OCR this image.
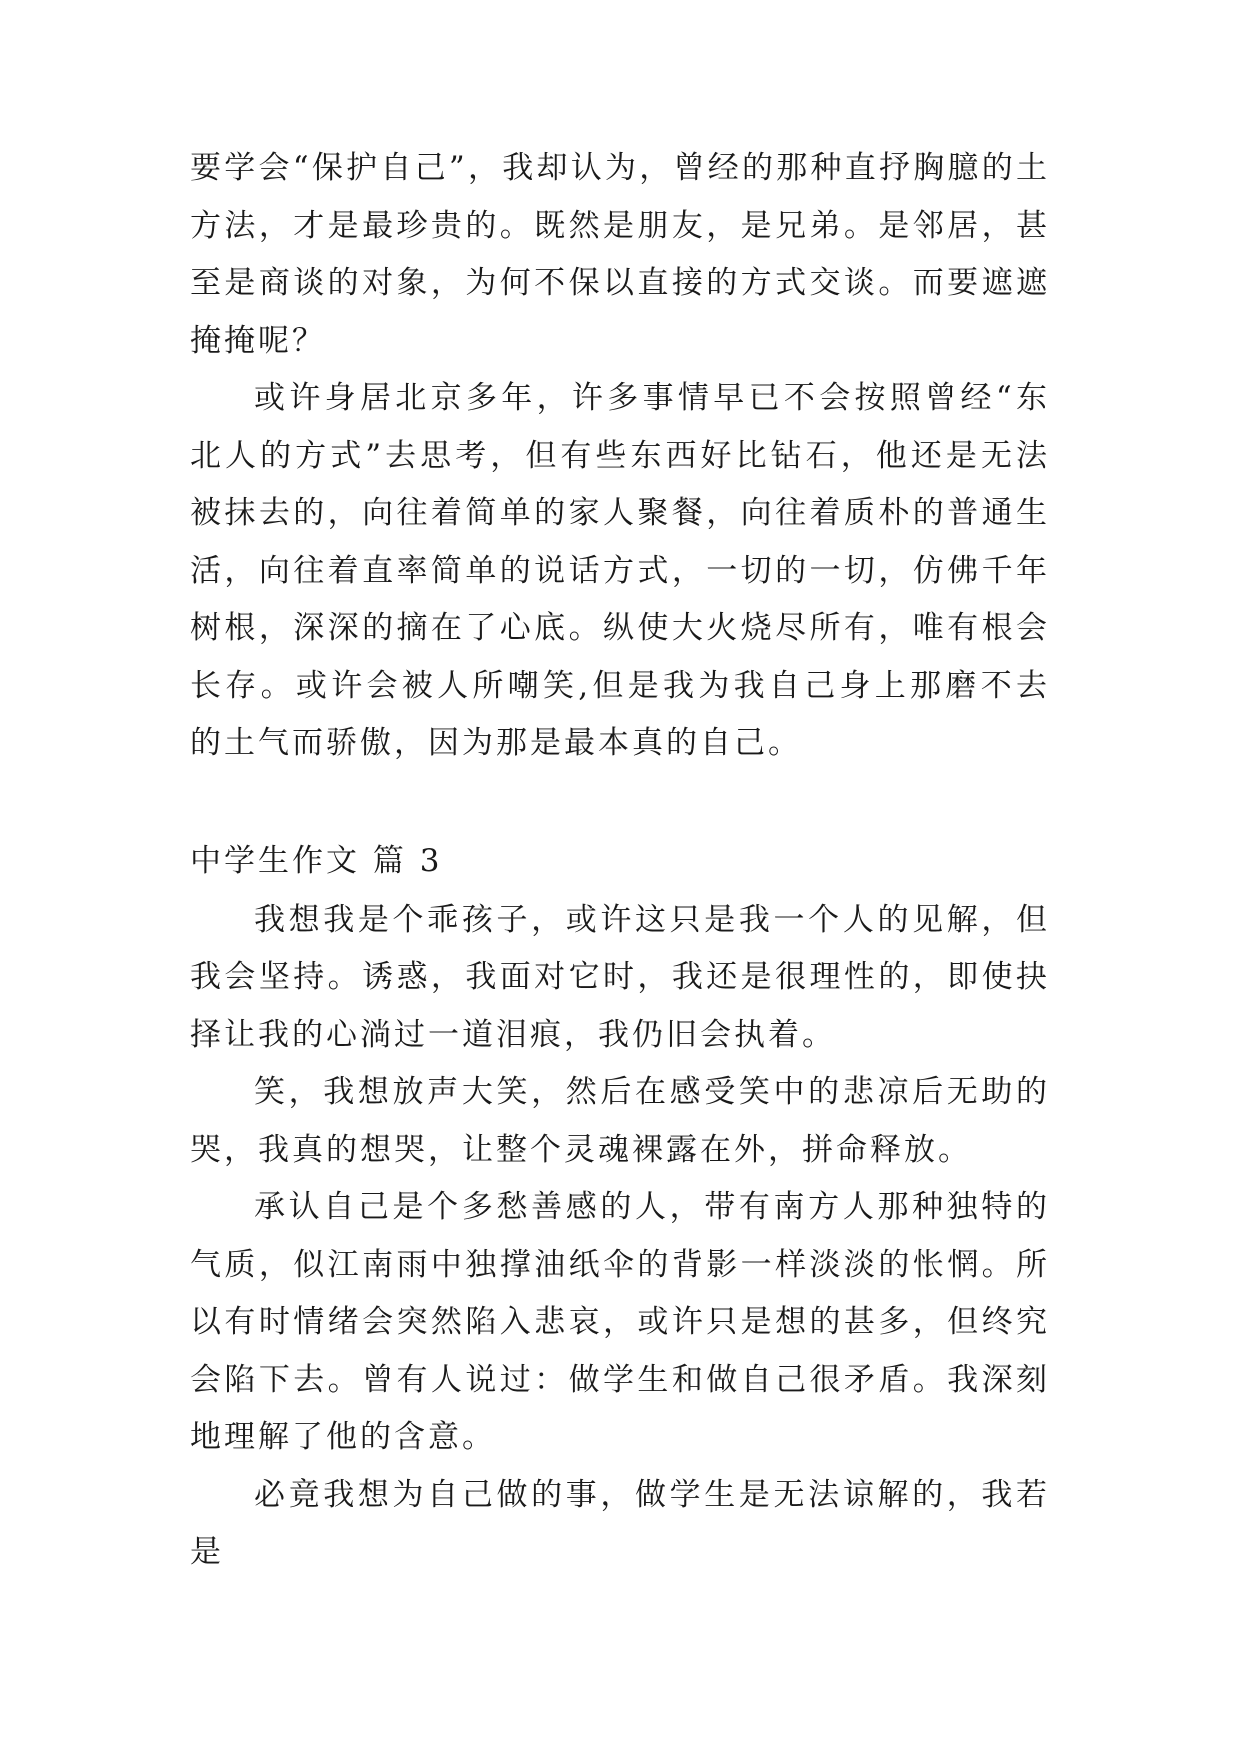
要学会“保护自己”，我却认为，曾经的那种直抒胸臆的土方法，才是最珍贵的。既然是朋友，是兄弟。是邻居，甚至是商谈的对象，为何不保以直接的方式交谈。而要遮遮掩掩呢？

或许身居北京多年，许多事情早已不会按照曾经“东北人的方式”去思考，但有些东西好比钻石，他还是无法被抹去的，向往着简单的家人聚餐，向往着质朴的普通生活，向往着直率简单的说话方式，一切的一切，仿佛千年树根，深深的摘在了心底。纵使大火烧尽所有，唯有根会长存。或许会被人所嘲笑,但是我为我自己身上那磨不去的土气而骄傲，因为那是最本真的自己。

中学生作文 篇 3

我想我是个乖孩子，或许这只是我一个人的见解，但我会坚持。诱惑，我面对它时，我还是很理性的，即使抉择让我的心淌过一道泪痕，我仍旧会执着。

笑，我想放声大笑，然后在感受笑中的悲凉后无助的哭，我真的想哭，让整个灵魂裸露在外，拼命释放。

承认自己是个多愁善感的人，带有南方人那种独特的气质，似江南雨中独撑油纸伞的背影一样淡淡的怅惘。所以有时情绪会突然陷入悲哀，或许只是想的甚多，但终究会陷下去。曾有人说过：做学生和做自己很矛盾。我深刻地理解了他的含意。

必竟我想为自己做的事，做学生是无法谅解的，我若是
